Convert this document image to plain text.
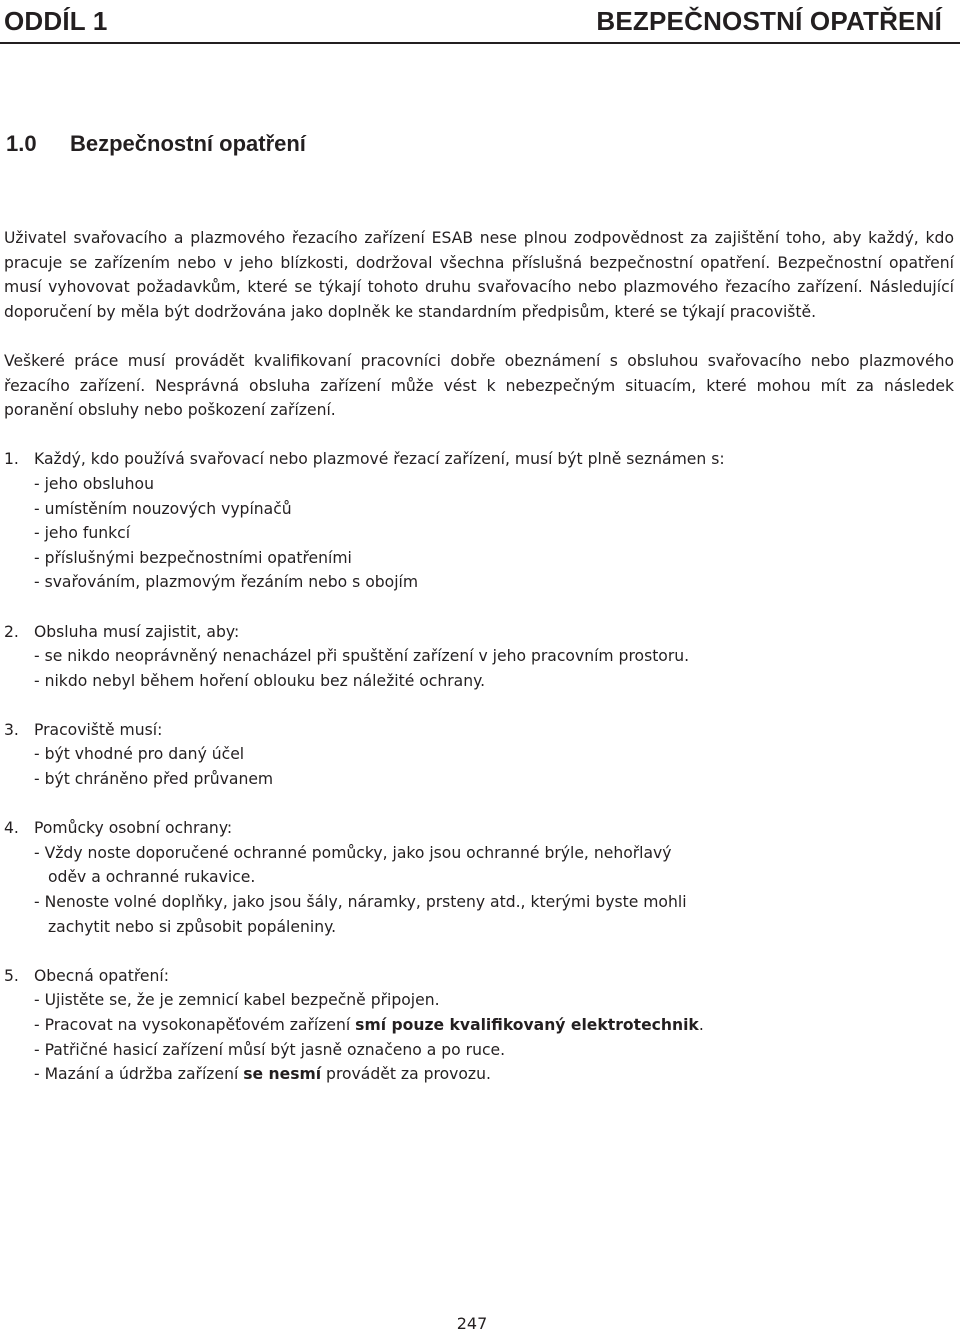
ODDÍL 1	BEZPEČNOSTNÍ OPATŘENÍ
1.0 Bezpečnostní opatření

Uživatel svařovacího a plazmového řezacího zařízení ESAB nese plnou zodpovědnost za zajištění toho, aby každý, kdo pracuje se zařízením nebo v jeho blízkosti, dodržoval všechna příslušná bezpečnostní opatření. Bezpečnostní opatření musí vyhovovat požadavkům, které se týkají tohoto druhu svařovacího nebo plazmového řezacího zařízení. Následující doporučení by měla být dodržována jako doplněk ke standardním předpisům, které se týkají pracoviště.

Veškeré práce musí provádět kvalifikovaní pracovníci dobře obeznámení s obsluhou svařovacího nebo plazmového řezacího zařízení. Nesprávná obsluha zařízení může vést k nebezpečným situacím, které mohou mít za následek poranění obsluhy nebo poškození zařízení.

1. Každý, kdo používá svařovací nebo plazmové řezací zařízení, musí být plně seznámen s:

- jeho obsluhou

- umístěním nouzových vypínačů

- jeho funkcí

- příslušnými bezpečnostními opatřeními

- svařováním, plazmovým řezáním nebo s obojím

2. Obsluha musí zajistit, aby:

- se nikdo neoprávněný nenacházel při spuštění zařízení v jeho pracovním prostoru.

- nikdo nebyl během hoření oblouku bez náležité ochrany.

3. Pracoviště musí:

- být vhodné pro daný účel

- být chráněno před průvanem

4. Pomůcky osobní ochrany:

- Vždy noste doporučené ochranné pomůcky, jako jsou ochranné brýle, nehořlavý

oděv a ochranné rukavice.

- Nenoste volné doplňky, jako jsou šály, náramky, prsteny atd., kterými byste mohli

zachytit nebo si způsobit popáleniny.

5. Obecná opatření:

- Ujistěte se, že je zemnicí kabel bezpečně připojen.

- Pracovat na vysokonapěťovém zařízení smí pouze kvalifikovaný elektrotechnik.

- Patřičné hasicí zařízení můsí být jasně označeno a po ruce.

- Mazání a údržba zařízení se nesmí provádět za provozu.

247
